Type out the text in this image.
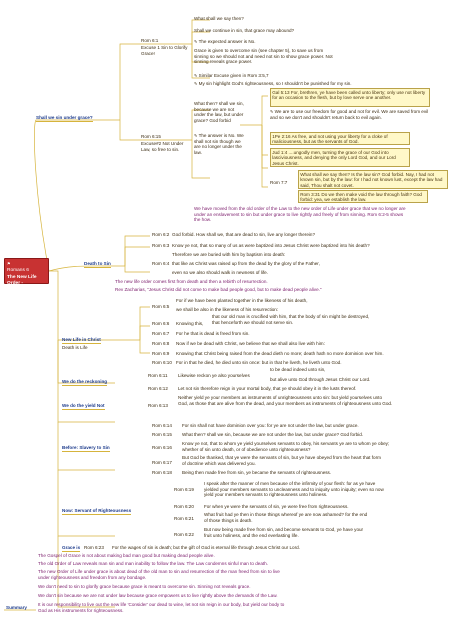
⚑
Romans 6
The New Life Order -
Freeman vs Sin
Lim Lali (c) 15-8-17
Shall we sin under grace?
Rom 6:1
Excuse 1 Sin to Glorify Grace!
Rom 6:15
Excuse#2 Not Under Law, so free to sin.
What shall we say then?
Shall we continue in sin, that grace may abound?
✎ The expected answer is No.
Grace is given to overcome sin (see chapter 5), to save us from sinning so we should not and need not sin to show grace power. Not sinning reveals grace power.
✎ Similar Excuse given in Rom 3:5,7
✎ My sin highlight God's righteousness, so I shouldn't be punished for my sin.
What then? shall we sin, because we are not under the law, but under grace? God forbid
✎ The answer is No. We shall not sin though we are no longer under the law.
Gal 5:13 For, brethren, ye have been called unto liberty; only use not liberty for an occasion to the flesh, but by love serve one another.
✎ We are to use our freedom for good and not for evil. We are saved from evil and so we don't and shouldn't return back to evil again.
1Pe 2:16 As free, and not using your liberty for a cloke of maliciousness, but as the servants of God.
Jud 1:4 ....ungodly men, turning the grace of our God into lasciviousness, and denying the only Lord God, and our Lord Jesus Christ.
Rom 7:7
What shall we say then? Is the law sin? God forbid. Nay, I had not known sin, but by the law: for I had not known lust, except the law had said, Thou shalt not covet.
Rom 3:31 Do we then make void the law through faith? God forbid: yea, we establish the law.
We have moved from the old order of the Law to the new order of Life under grace that we no longer are under an enslavement to sin but under grace to live rightly and freely of from sinning. Rom 6:2-5 shows the how.
Death to Sin
Rom 6:2 God forbid. How shall we, that are dead to sin, live any longer therein?
Rom 6:3 Know ye not, that so many of us as were baptized into Jesus Christ were baptized into his death?
Rom 6:4
Therefore we are buried with him by baptism into death:
that like as Christ was raised up from the dead by the glory of the Father,
even so we also should walk in newness of life.
The new life order comes first from death and then a rebirth of resurrection.
Rev Zacharias, "Jesus Christ did not come to make bad people good, but to make dead people alive."
New Life in Christ
Death is Life
Rom 6:5
For if we have been planted together in the likeness of his death,
we shall be also in the likeness of his resurrection:
Rom 6:6 Knowing this,
that our old man is crucified with him, that the body of sin might be destroyed, that henceforth we should not serve sin.
Rom 6:7 For he that is dead is freed from sin.
Rom 6:8 Now if we be dead with Christ, we believe that we shall also live with him:
Rom 6:9 Knowing that Christ being raised from the dead dieth no more; death hath no more dominion over him.
Rom 6:10 For in that he died, he died unto sin once: but in that he liveth, he liveth unto God.
We do the reckoning
Rom 6:11 Likewise reckon ye also yourselves
to be dead indeed unto sin,
but alive unto God through Jesus Christ our Lord.
Rom 6:12 Let not sin therefore reign in your mortal body, that ye should obey it in the lusts thereof.
We do the yield Not	Rom 6:13
Neither yield ye your members as instruments of unrighteousness unto sin: but yield yourselves unto God, as those that are alive from the dead, and your members as instruments of righteousness unto God.
Before: Slavery to Sin
Rom 6:14 For sin shall not have dominion over you: for ye are not under the law, but under grace.
Rom 6:15 What then? shall we sin, because we are not under the law, but under grace? God forbid.
Rom 6:16
Know ye not, that to whom ye yield yourselves servants to obey, his servants ye are to whom ye obey; whether of sin unto death, or of obedience unto righteousness?
Rom 6:17
But God be thanked, that ye were the servants of sin, but ye have obeyed from the heart that form of doctrine which was delivered you.
Rom 6:18 Being then made free from sin, ye became the servants of righteousness.
Now: Servant of Righteousness
Rom 6:19
I speak after the manner of men because of the infirmity of your flesh: for as ye have yielded your members servants to uncleanness and to iniquity unto iniquity; even so now yield your members servants to righteousness unto holiness.
Rom 6:20 For when ye were the servants of sin, ye were free from righteousness.
Rom 6:21
What fruit had ye then in those things whereof ye are now ashamed? for the end of those things is death.
Rom 6:22
But now being made free from sin, and become servants to God, ye have your fruit unto holiness, and the end everlasting life.
Grace is Rom 6:23 For the wages of sin is death; but the gift of God is eternal life through Jesus Christ our Lord.
Summary
The Gospel of Grace is not about making bad man good but making dead people alive.
The old Order of Law reveals man sin and man inability to follow the law. The Law condemns sinful man to death.
The new Order of Life under grace is about dead of the old man to sin and resurrection of the man freed from sin to live under righteousness and freedom from any bondage.
We don't need to sin to glorify grace because grace is meant to overcome sin. Sinning not reveals grace.
We don't sin because we are not under law because grace empowers us to live rightly above the demands of the Law.
It is our responsibility to live out the new life 'Consider' our dead to wine, let not sin reign in our body, but yield our body to God as His instruments for righteousness.
